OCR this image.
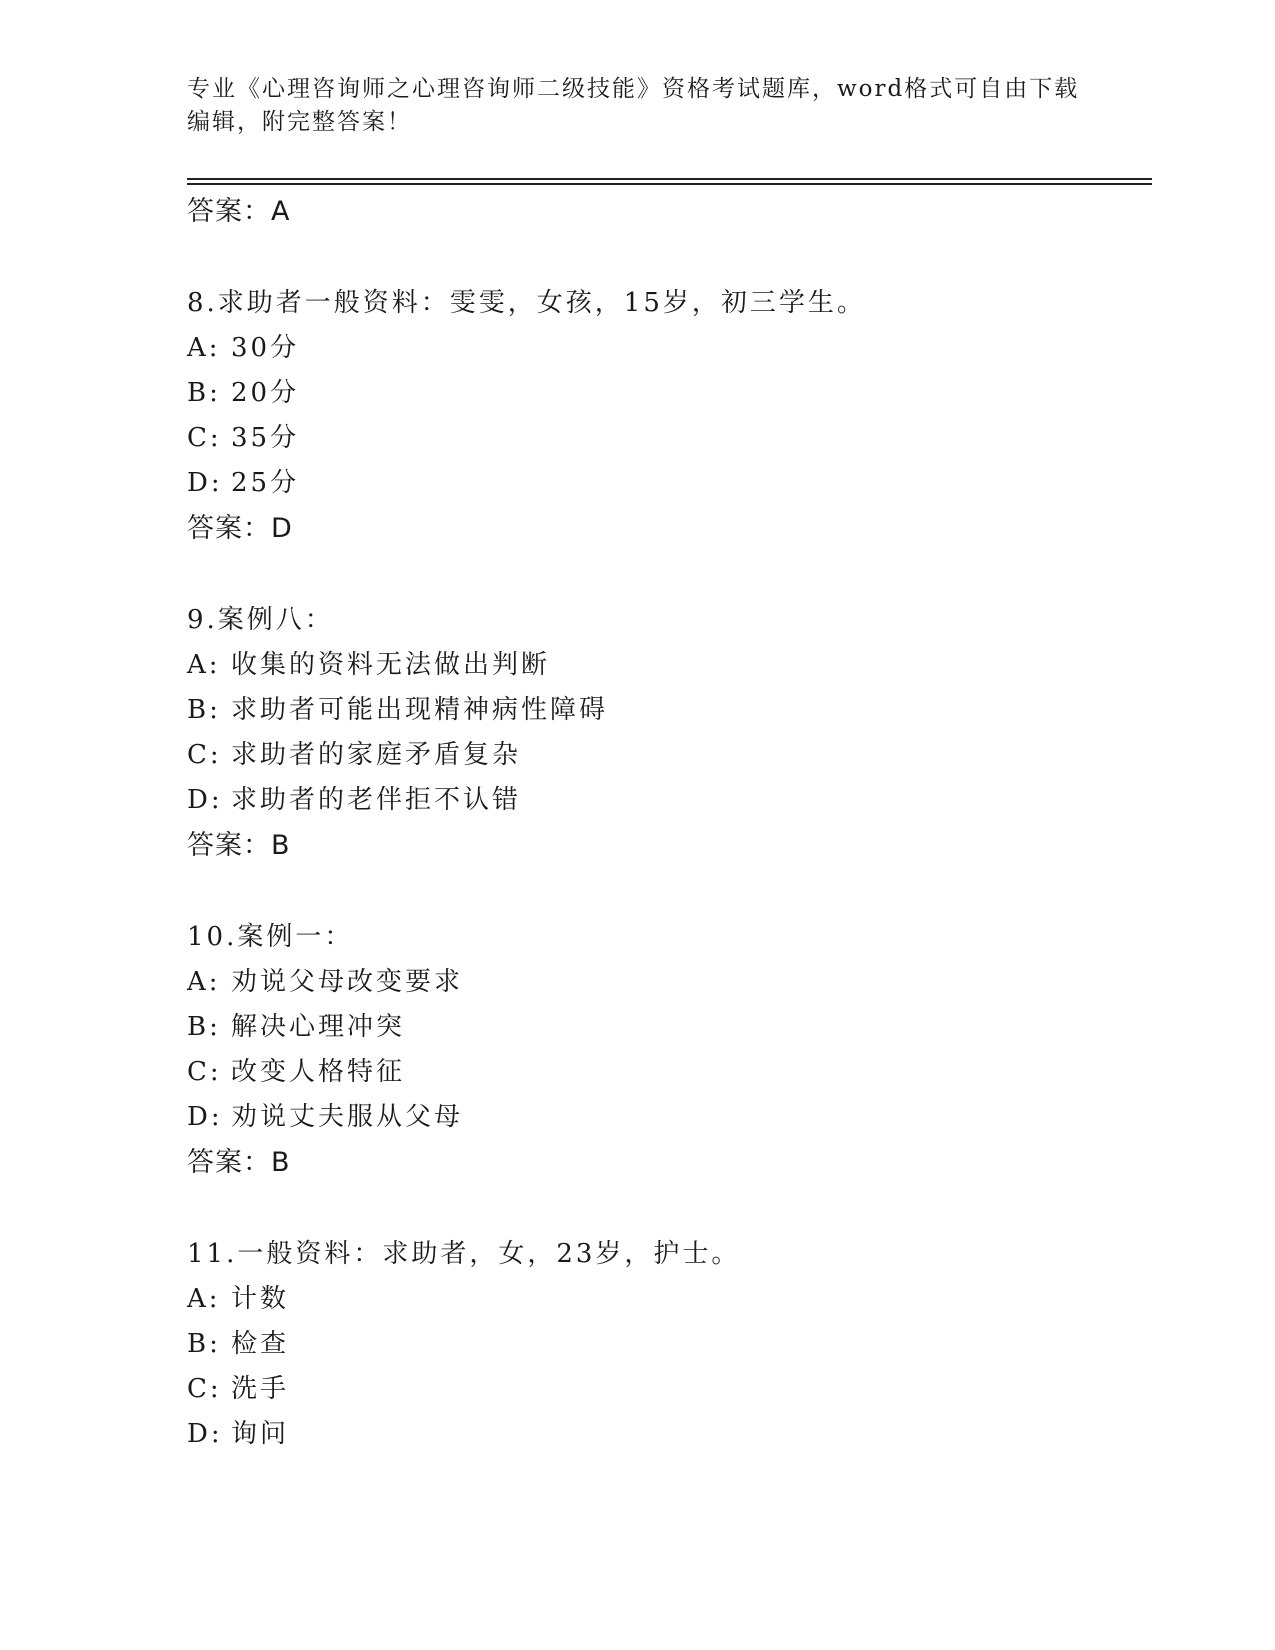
专业《心理咨询师之心理咨询师二级技能》资格考试题库，word格式可自由下载
编辑，附完整答案！
答案：A
8.求助者一般资料：雯雯，女孩，15岁，初三学生。
A: 30分
B: 20分
C: 35分
D: 25分
答案：D
9.案例八：
A: 收集的资料无法做出判断
B: 求助者可能出现精神病性障碍
C: 求助者的家庭矛盾复杂
D: 求助者的老伴拒不认错
答案：B
10.案例一：
A: 劝说父母改变要求
B: 解决心理冲突
C: 改变人格特征
D: 劝说丈夫服从父母
答案：B
11.一般资料：求助者，女，23岁，护士。
A: 计数
B: 检查
C: 洗手
D: 询问
